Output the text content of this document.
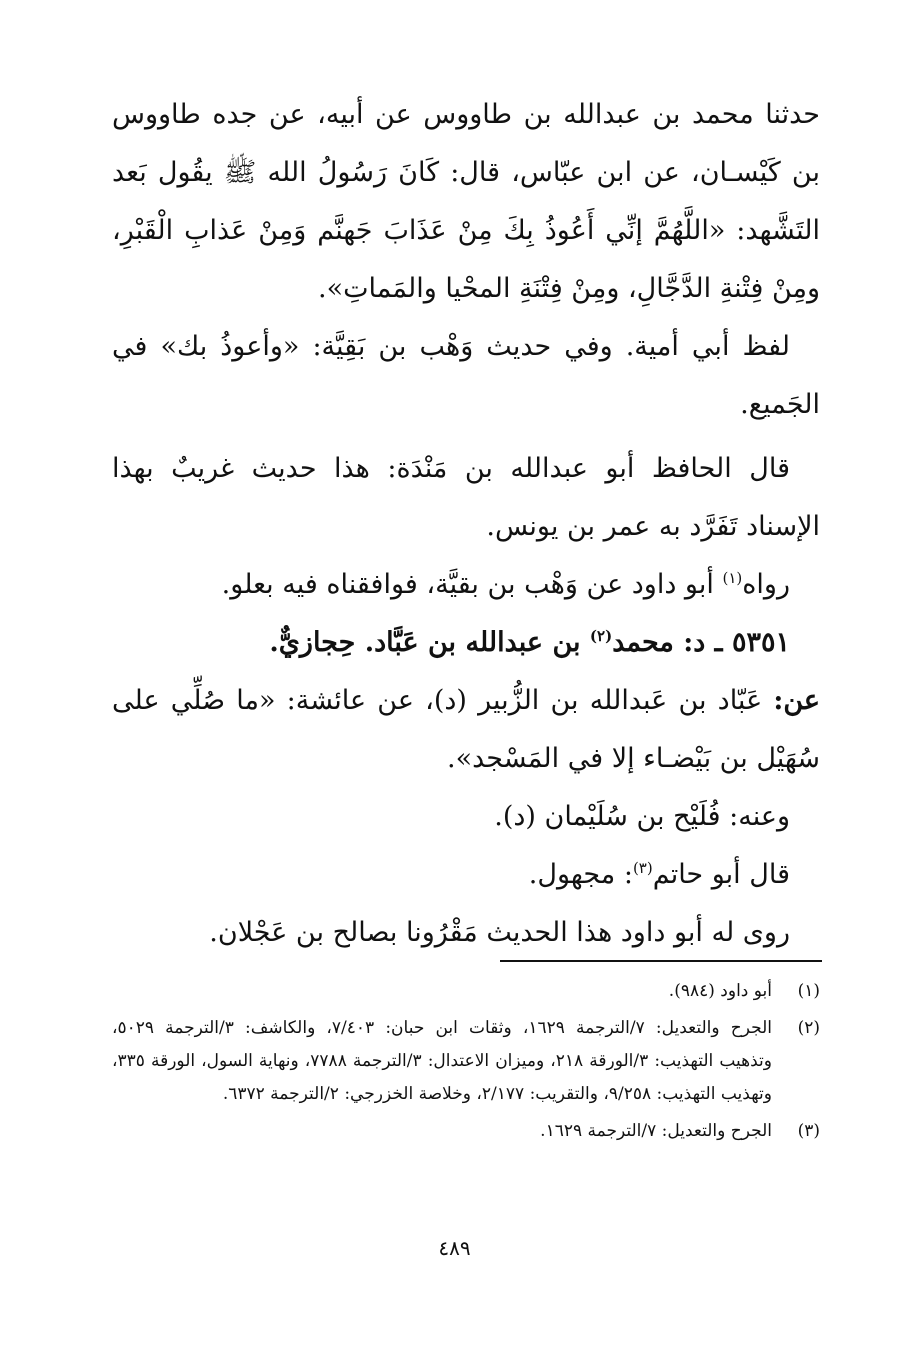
حدثنا محمد بن عبدالله بن طاووس عن أبيه، عن جده طاووس بن كَيْسـان، عن ابن عبّاس، قال: كَانَ رَسُولُ الله ﷺ يقُول بَعد التَشَّهد: «اللَّهُمَّ إنِّي أَعُوذُ بِكَ مِنْ عَذَابَ جَهنَّم وَمِنْ عَذابِ الْقَبْرِ، ومِنْ فِتْنةِ الدَّجَّالِ، ومِنْ فِتْنَةِ المحْيا والمَماتِ».

لفظ أبي أمية. وفي حديث وَهْب بن بَقِيَّة: «وأعوذُ بك» في الجَميع.

قال الحافظ أبو عبدالله بن مَنْدَة: هذا حديث غريبٌ بهذا الإسناد تَفَرَّد به عمر بن يونس.

رواه$^{(١)}$ أبو داود عن وَهْب بن بقيَّة، فوافقناه فيه بعلو.

٥٣٥١ ـ د: محمد$^{(٢)}$ بن عبدالله بن عَبَّاد. حِجازيٌّ.

عن: عَبّاد بن عَبدالله بن الزُّبير (د)، عن عائشة: «ما صُلِّي على سُهَيْل بن بَيْضـاء إلا في المَسْجد».

وعنه: فُلَيْح بن سُلَيْمان (د).

قال أبو حاتم$^{(٣)}$: مجهول.

روى له أبو داود هذا الحديث مَقْرُونا بصالح بن عَجْلان.

(١)
أبو داود (٩٨٤).
(٢)
الجرح والتعديل: ٧/الترجمة ١٦٢٩، وثقات ابن حبان: ٧/٤٠٣، والكاشف: ٣/الترجمة ٥٠٢٩، وتذهيب التهذيب: ٣/الورقة ٢١٨، وميزان الاعتدال: ٣/الترجمة ٧٧٨٨، ونهاية السول، الورقة ٣٣٥، وتهذيب التهذيب: ٩/٢٥٨، والتقريب: ٢/١٧٧، وخلاصة الخزرجي: ٢/الترجمة ٦٣٧٢.
(٣)
الجرح والتعديل: ٧/الترجمة ١٦٢٩.
٤٨٩
